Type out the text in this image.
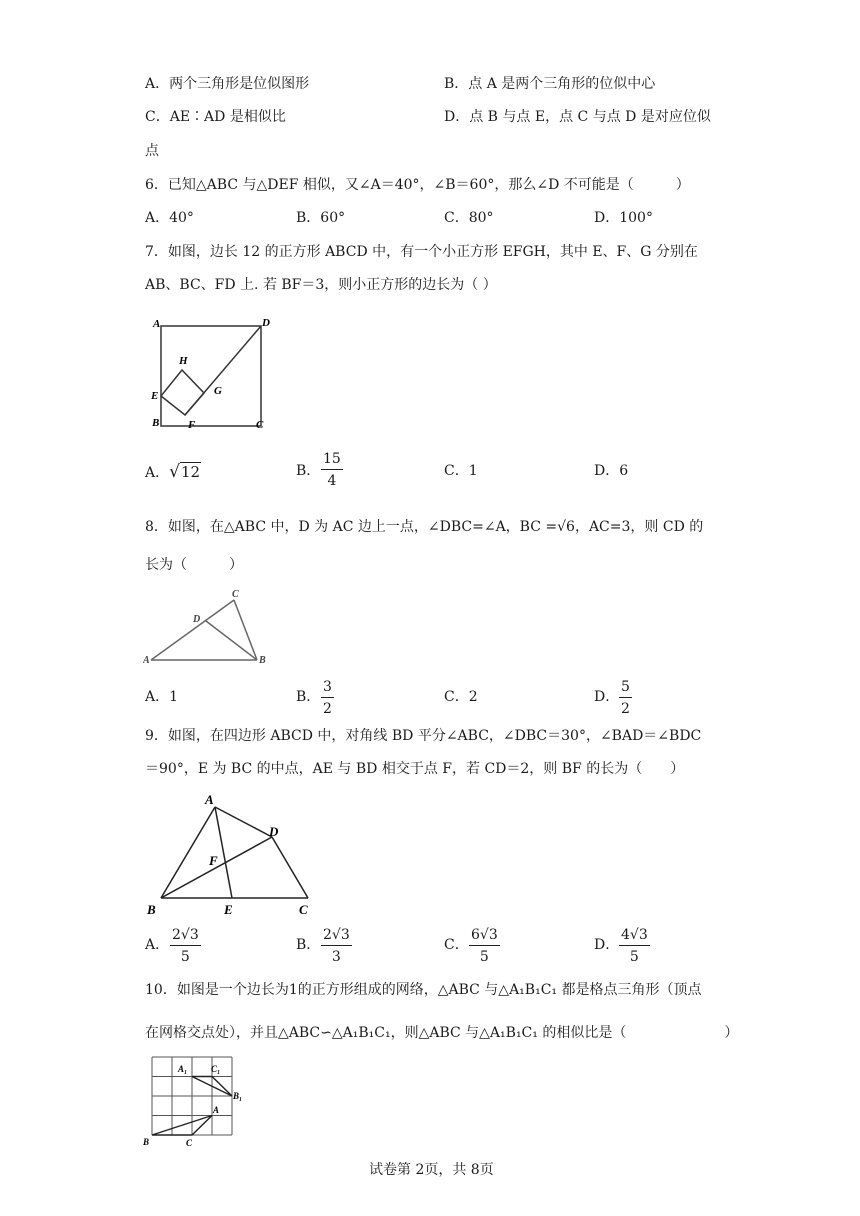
A．两个三角形是位似图形	B．点 A 是两个三角形的位似中心
C．AE∶AD 是相似比	D．点 B 与点 E，点 C 与点 D 是对应位似
点
6．已知△ABC 与△DEF 相似，又∠A＝40°，∠B＝60°，那么∠D 不可能是（　　　）
A．40°	B．60°	C．80°	D．100°
7．如图，边长 12 的正方形 ABCD 中，有一个小正方形 EFGH，其中 E、F、G 分别在
AB、BC、FD 上. 若 BF＝3，则小正方形的边长为（ ）
A	D
H
E	G
B	F	C
A．√12	B． $\frac{15}{4}$	C．1	D．6
8．如图，在△ABC 中，D 为 AC 边上一点，∠DBC=∠A，BC =√6，AC=3，则 CD 的
长为（　　　）
C
D
A	B
A．1	B． $\frac{3}{2}$	C．2	D． $\frac{5}{2}$
9．如图，在四边形 ABCD 中，对角线 BD 平分∠ABC，∠DBC＝30°，∠BAD＝∠BDC
＝90°，E 为 BC 的中点，AE 与 BD 相交于点 F，若 CD＝2，则 BF 的长为（　　）
A
D
F
B	E	C
A． $\frac{2√3}{5}$	B． $\frac{2√3}{3}$	C． $\frac{6√3}{5}$	D． $\frac{4√3}{5}$
10．如图是一个边长为1的正方形组成的网络，△ABC 与△A₁B₁C₁ 都是格点三角形（顶点
在网格交点处），并且△ABC∽△A₁B₁C₁，则△ABC 与△A₁B₁C₁ 的相似比是（　　　　　　　）
A₁	C₁
B₁
A
B	C
试卷第 2页，共 8页
